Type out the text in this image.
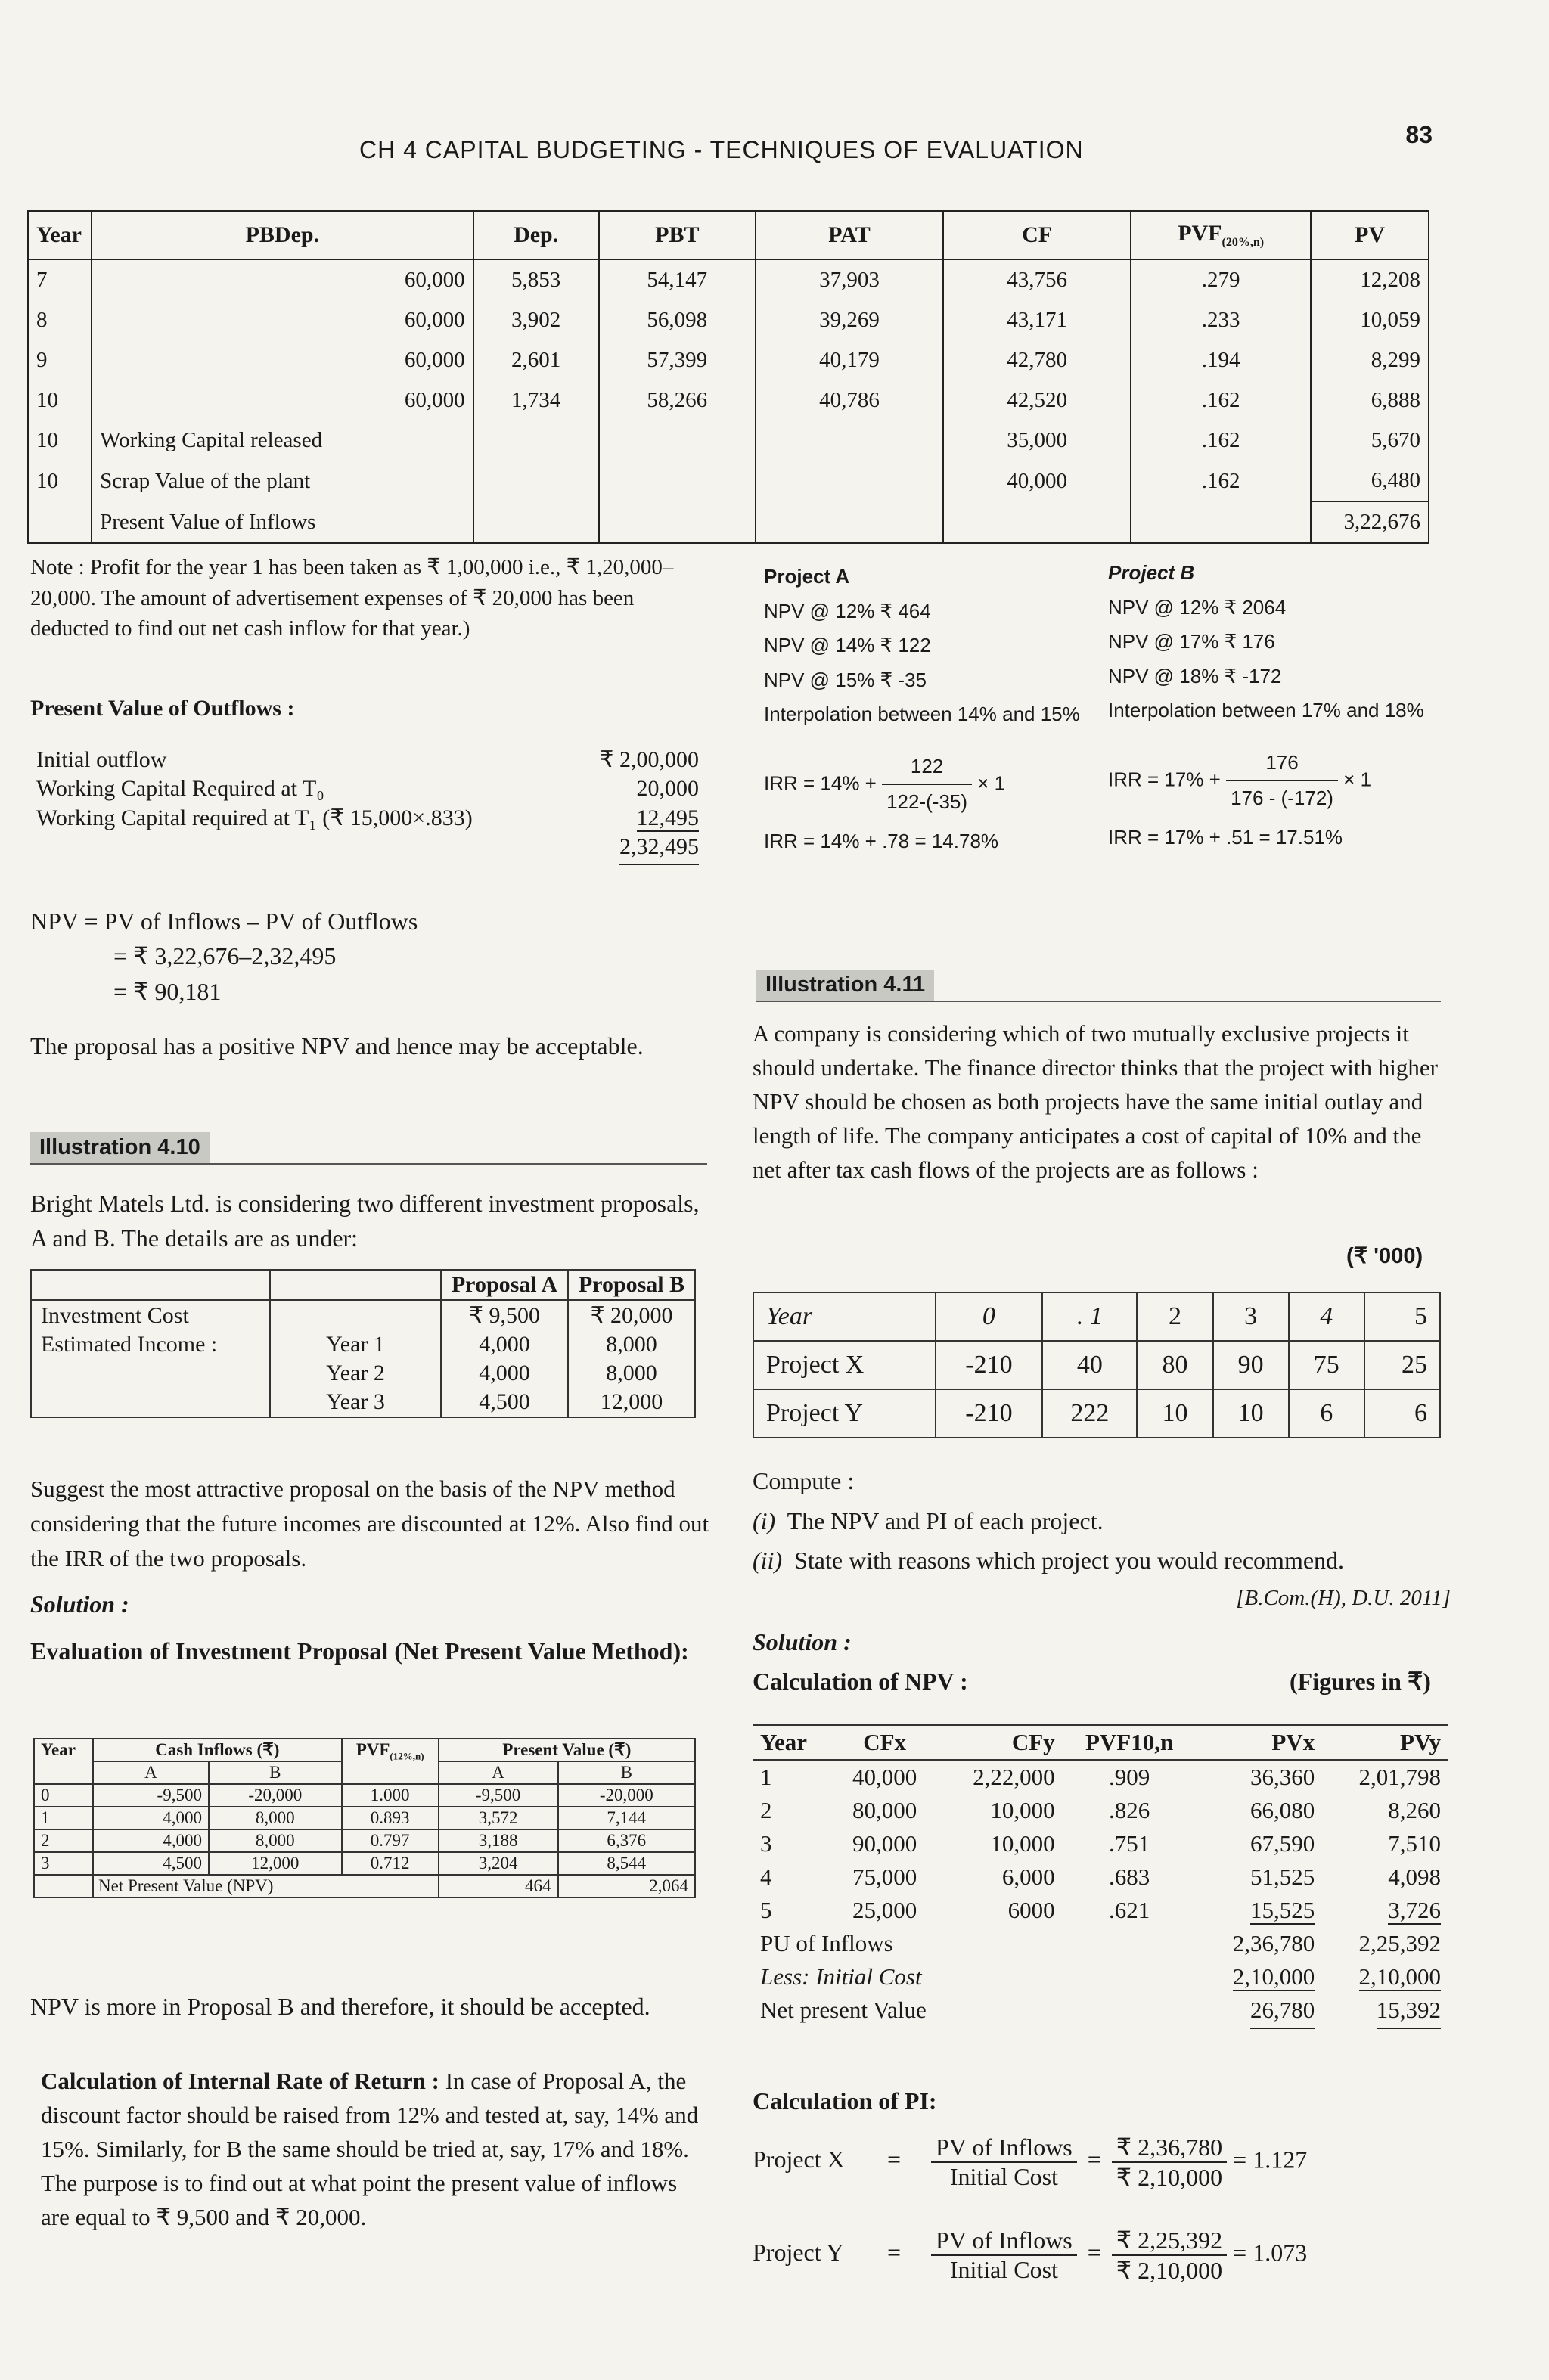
CH 4 CAPITAL BUDGETING - TECHNIQUES OF EVALUATION
83
Year	PBDep.	Dep.	PBT	PAT	CF	$PVF_{(20\%,n)}$	PV
7	60,000	5,853	54,147	37,903	43,756	.279	12,208
8	60,000	3,902	56,098	39,269	43,171	.233	10,059
9	60,000	2,601	57,399	40,179	42,780	.194	8,299
10	60,000	1,734	58,266	40,786	42,520	.162	6,888
10	Working Capital released				35,000	.162	5,670
10	Scrap Value of the plant				40,000	.162	6,480
	Present Value of Inflows						3,22,676
Note : Profit for the year 1 has been taken as ₹ 1,00,000 i.e., ₹ 1,20,000–20,000. The amount of advertisement expenses of ₹ 20,000 has been deducted to find out net cash inflow for that year.)
Present Value of Outflows :
Initial outflow	₹ 2,00,000
Working Capital Required at T₀	20,000
Working Capital required at T₁ (₹ 15,000×.833)	12,495
	2,32,495
NPV = PV of Inflows – PV of Outflows
= ₹ 3,22,676–2,32,495
= ₹ 90,181
The proposal has a positive NPV and hence may be acceptable.
Illustration 4.10
Bright Matels Ltd. is considering two different investment proposals, A and B. The details are as under:
		Proposal A	Proposal B
Investment Cost		₹ 9,500	₹ 20,000
Estimated Income :	Year 1	4,000	8,000
	Year 2	4,000	8,000
	Year 3	4,500	12,000
Suggest the most attractive proposal on the basis of the NPV method considering that the future incomes are discounted at 12%. Also find out the IRR of the two proposals.
Solution :
Evaluation of Investment Proposal (Net Present Value Method):
Year	Cash Inflows (₹)		$PVF_{(12\%,n)}$	Present Value (₹)	
	A	B		A	B
0	-9,500	-20,000	1.000	-9,500	-20,000
1	4,000	8,000	0.893	3,572	7,144
2	4,000	8,000	0.797	3,188	6,376
3	4,500	12,000	0.712	3,204	8,544
	Net Present Value (NPV)			464	2,064
NPV is more in Proposal B and therefore, it should be accepted.
Calculation of Internal Rate of Return : In case of Proposal A, the discount factor should be raised from 12% and tested at, say, 14% and 15%. Similarly, for B the same should be tried at, say, 17% and 18%. The purpose is to find out at what point the present value of inflows are equal to ₹ 9,500 and ₹ 20,000.
Project A
NPV @ 12% ₹ 464
NPV @ 14% ₹ 122
NPV @ 15% ₹ -35
Interpolation between 14% and 15%
IRR = $14\% + \frac{122}{122-(-35)} \times 1$
IRR = 14% + .78 = 14.78%
Project B
NPV @ 12% ₹ 2064
NPV @ 17% ₹ 176
NPV @ 18% ₹ -172
Interpolation between 17% and 18%
IRR = $17\% + \frac{176}{176 - (-172)} \times 1$
IRR = 17% + .51 = 17.51%
Illustration 4.11
A company is considering which of two mutually exclusive projects it should undertake. The finance director thinks that the project with higher NPV should be chosen as both projects have the same initial outlay and length of life. The company anticipates a cost of capital of 10% and the net after tax cash flows of the projects are as follows :
(₹ '000)
Year	0	. 1	2	3	4	5
Project X	-210	40	80	90	75	25
Project Y	-210	222	10	10	6	6
Compute :
(i) The NPV and PI of each project.
(ii) State with reasons which project you would recommend.
[B.Com.(H), D.U. 2011]
Solution :
Calculation of NPV :	(Figures in ₹)
Year	CFx	CFy	PVF10,n	PVx	PVy
1	40,000	2,22,000	.909	36,360	2,01,798
2	80,000	10,000	.826	66,080	8,260
3	90,000	10,000	.751	67,590	7,510
4	75,000	6,000	.683	51,525	4,098
5	25,000	6000	.621	15,525	3,726
PU of Inflows				2,36,780	2,25,392
Less: Initial Cost				2,10,000	2,10,000
Net present Value				26,780	15,392
Calculation of PI:
Project $X = \frac{\text{PV of Inflows}}{\text{Initial Cost}} = \frac{₹ 2,36,780}{₹ 2,10,000} = 1.127$
Project $Y = \frac{\text{PV of Inflows}}{\text{Initial Cost}} = \frac{₹ 2,25,392}{₹ 2,10,000} = 1.073$
